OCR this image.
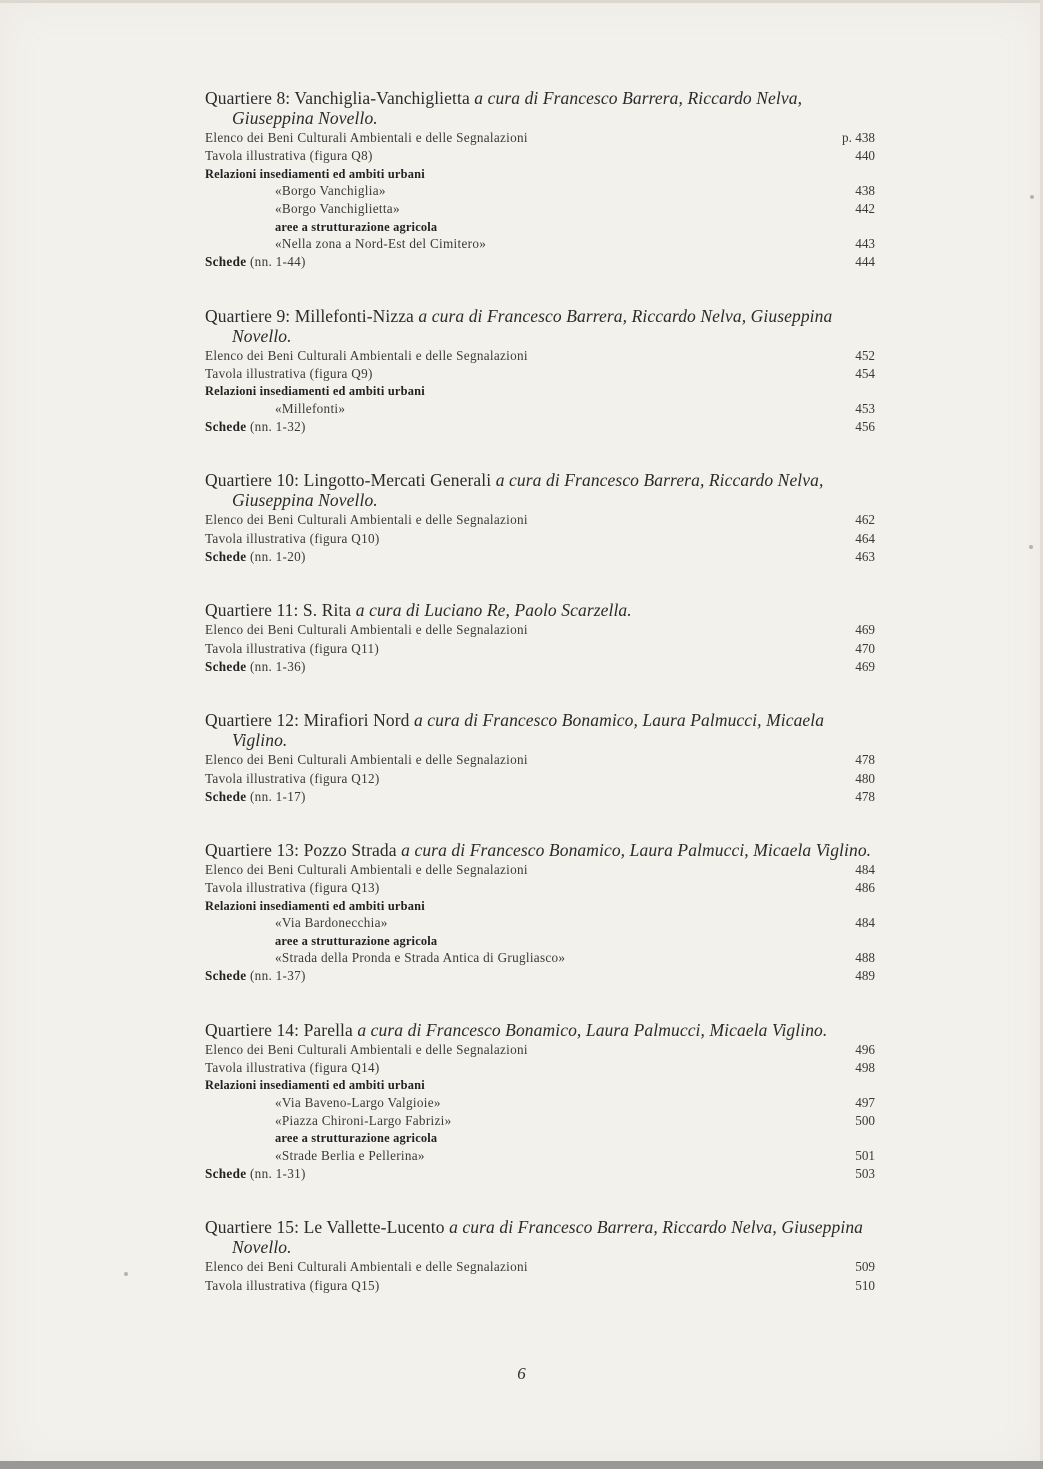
Quartiere 8: Vanchiglia-Vanchiglietta a cura di Francesco Barrera, Riccardo Nelva, Giuseppina Novello.
Elenco dei Beni Culturali Ambientali e delle Segnalazioni	p. 438
Tavola illustrativa (figura Q8)	440
Relazioni insediamenti ed ambiti urbani
«Borgo Vanchiglia»	438
«Borgo Vanchiglietta»	442
aree a strutturazione agricola
«Nella zona a Nord-Est del Cimitero»	443
Schede (nn. 1-44)	444
Quartiere 9: Millefonti-Nizza a cura di Francesco Barrera, Riccardo Nelva, Giuseppina Novello.
Elenco dei Beni Culturali Ambientali e delle Segnalazioni	452
Tavola illustrativa (figura Q9)	454
Relazioni insediamenti ed ambiti urbani
«Millefonti»	453
Schede (nn. 1-32)	456
Quartiere 10: Lingotto-Mercati Generali a cura di Francesco Barrera, Riccardo Nelva, Giuseppina Novello.
Elenco dei Beni Culturali Ambientali e delle Segnalazioni	462
Tavola illustrativa (figura Q10)	464
Schede (nn. 1-20)	463
Quartiere 11: S. Rita a cura di Luciano Re, Paolo Scarzella.
Elenco dei Beni Culturali Ambientali e delle Segnalazioni	469
Tavola illustrativa (figura Q11)	470
Schede (nn. 1-36)	469
Quartiere 12: Mirafiori Nord a cura di Francesco Bonamico, Laura Palmucci, Micaela Viglino.
Elenco dei Beni Culturali Ambientali e delle Segnalazioni	478
Tavola illustrativa (figura Q12)	480
Schede (nn. 1-17)	478
Quartiere 13: Pozzo Strada a cura di Francesco Bonamico, Laura Palmucci, Micaela Viglino.
Elenco dei Beni Culturali Ambientali e delle Segnalazioni	484
Tavola illustrativa (figura Q13)	486
Relazioni insediamenti ed ambiti urbani
«Via Bardonecchia»	484
aree a strutturazione agricola
«Strada della Pronda e Strada Antica di Grugliasco»	488
Schede (nn. 1-37)	489
Quartiere 14: Parella a cura di Francesco Bonamico, Laura Palmucci, Micaela Viglino.
Elenco dei Beni Culturali Ambientali e delle Segnalazioni	496
Tavola illustrativa (figura Q14)	498
Relazioni insediamenti ed ambiti urbani
«Via Baveno-Largo Valgioie»	497
«Piazza Chironi-Largo Fabrizi»	500
aree a strutturazione agricola
«Strade Berlia e Pellerina»	501
Schede (nn. 1-31)	503
Quartiere 15: Le Vallette-Lucento a cura di Francesco Barrera, Riccardo Nelva, Giuseppina Novello.
Elenco dei Beni Culturali Ambientali e delle Segnalazioni	509
Tavola illustrativa (figura Q15)	510
6
